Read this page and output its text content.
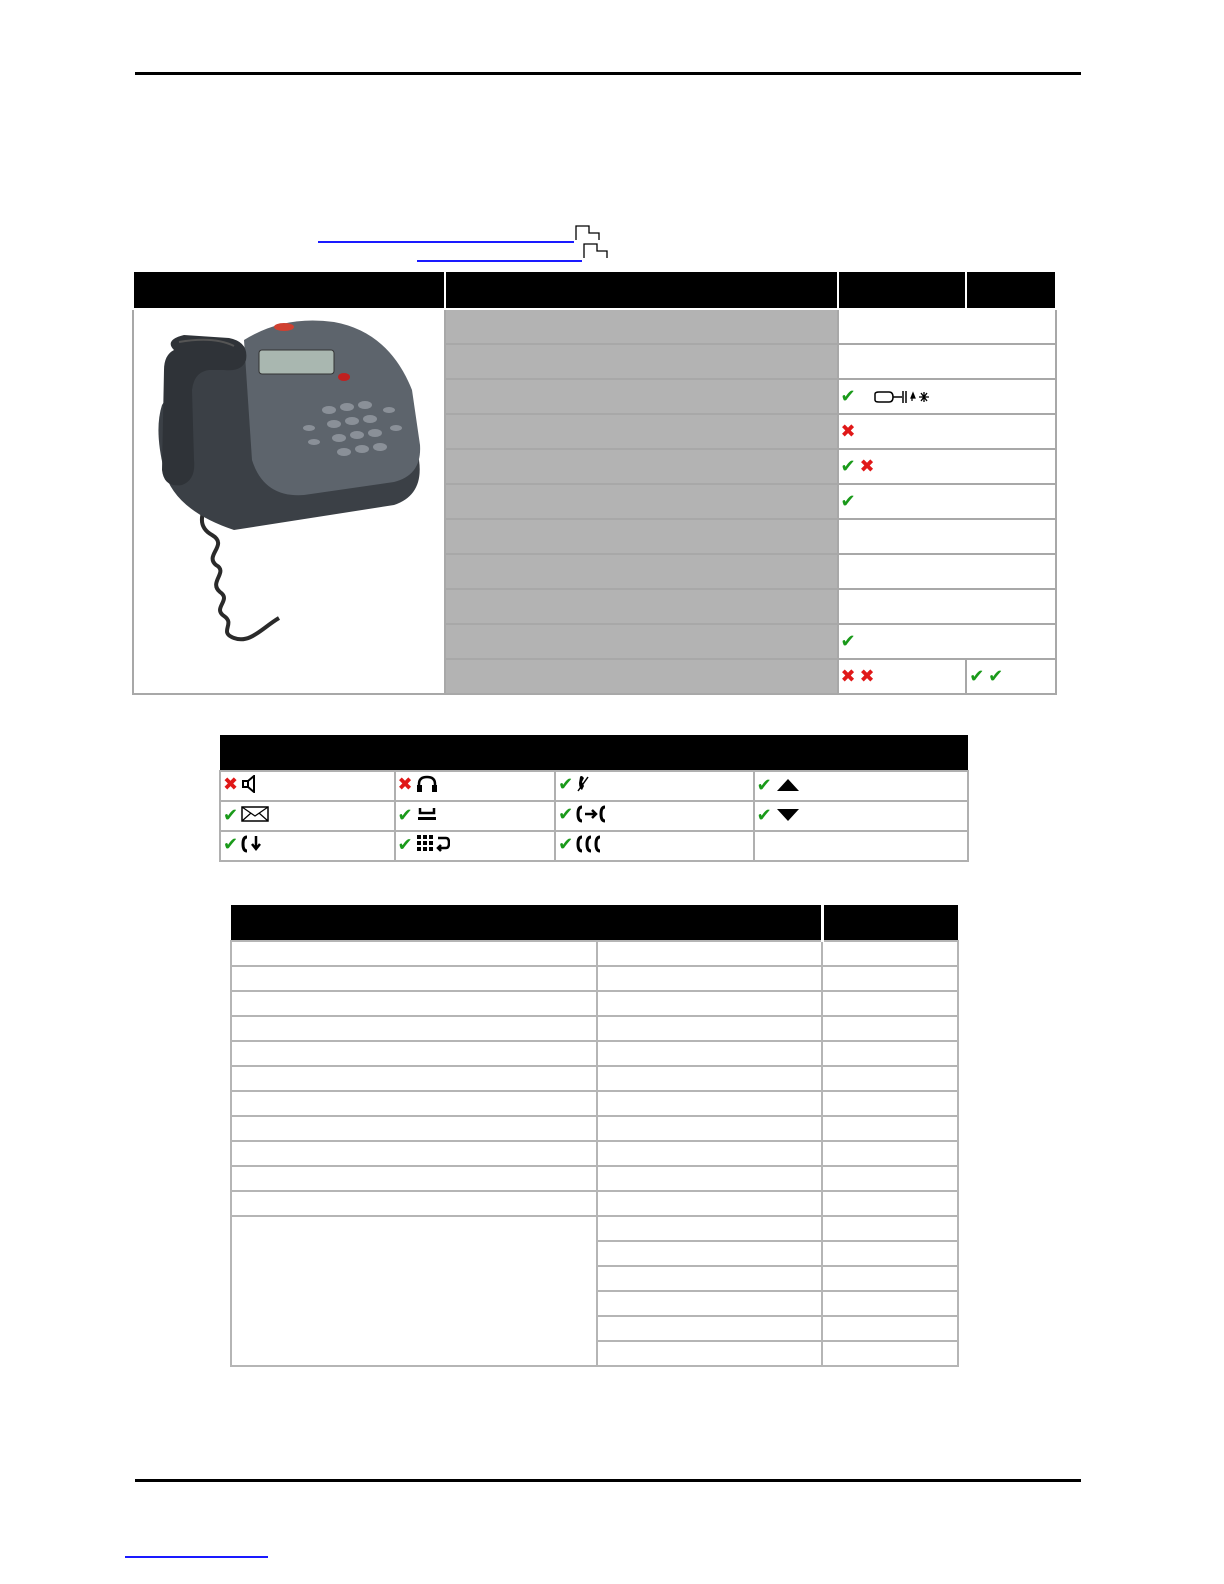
		✔	
		✖	
		✔ ✖	
		✔	

		✔	
		✖ ✖	✔ ✔

✖	✖	✔	✔
✔	✔	✔	✔
✔	✔	✔	
